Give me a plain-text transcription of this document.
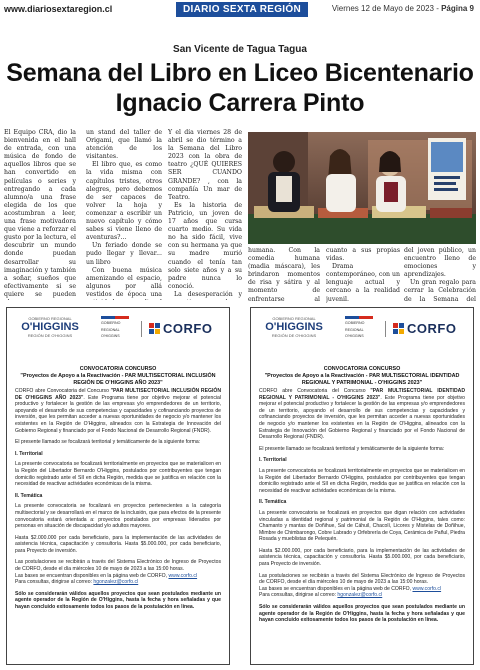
www.diariosextaregion.cl	DIARIO SEXTA REGIÓN	Viernes 12 de Mayo de 2023 - Página 9
San Vicente de Tagua Tagua
Semana del Libro en Liceo Bicentenario Ignacio Carrera Pinto

El Equipo CRA, dio la bienvenida en el hall de entrada, con una música de fondo de aquellos libros que se han convertido en películas o series y entregando a cada alumno/a una frase elegida de los que acostumbran a leer, una frase motivadora que viene a reforzar el gusto por la lectura, el descubrir un mundo donde puedan desarrollar su imaginación y también a soñar, sueños que efectivamente si se quiere se pueden

un stand del taller de Origami, que llamó la atención de los visitantes.

El libro que, es como la vida misma con capítulos tristes, otros alegres, pero debemos de ser capaces de volver la hoja y comenzar a escribir un nuevo capítulo y cómo sabes si viene lleno de aventuras?...

Un feriado donde se pudo llegar y llevar... un libro

Con buena música amenizando el espacio, algunos por allá vestidos de época una

Y el día viernes 28 de abril se dio término a la Semana del Libro 2023 con la obra de teatro ¿QUÉ QUIERES SER CUANDO GRANDE? , con la compañía Un mar de Teatro.

Es la historia de Patricio, un joven de 17 años que cursa cuarto medio. Su vida no ha sido fácil, vive con su hermana ya que su madre murió cuando el tenía tan solo siete años y a su padre nunca lo conoció.

La desesperación y

humana. Con la comedia humana (madia máscara), les brindaron momentos de risa y sátira y al momento de enfrentarse al

cuanto a sus propias vidas.

Drama contemporáneo, con un lenguaje actual y cercano a la realidad juvenil.

del joven público, un encuentro lleno de emociones y aprendizajes.

Un gran regalo para cerrar la Celebración de la Semana del

GOBIERNO REGIONAL
O'HIGGINS
REGIÓN DE O'HIGGINS
GOBIERNO
REGIONAL
O'HIGGINS	CORFO
CONVOCATORIA CONCURSO
"Proyectos de Apoyo a la Reactivación - PAR MULTISECTORIAL INCLUSIÓN REGIÓN DE O'HIGGINS AÑO 2023"
CORFO abre Convocatoria del Concurso "PAR MULTISECTORIAL INCLUSIÓN REGIÓN DE O'HIGGINS AÑO 2023". Este Programa tiene por objetivo mejorar el potencial productivo y fortalecer la gestión de las empresas y/o emprendedores de un territorio, apoyando el desarrollo de sus competencias y capacidades y cofinanciando proyectos de inversión, que les permitan acceder a nuevas oportunidades de negocio y/o mantener los existentes en la Región de O'Higgins, alineados con la Estrategia de Innovación del Gobierno Regional y financiado por el Fondo Nacional de Desarrollo Regional (FNDR).
El presente llamado se focalizará territorial y temáticamente de la siguiente forma:
I. Territorial
La presente convocatoria se focalizará territorialmente en proyectos que se materialicen en la Región del Libertador Bernardo O'Higgins, postulados por contribuyentes que tengan domicilio registrado ante el SII en dicha Región, medida que se justifica en relación con la necesidad de reactivar actividades económicas de la misma.
II. Temática
La presente convocatoria se focalizará en proyectos pertenecientes a la categoría multisectorial y se desarrollará en el marco de la inclusión, que para efectos de la presente convocatoria estará orientada a: proyectos postulados por empresas liderados por personas en situación de discapacidad y/o adultos mayores.
Hasta $2.000.000 por cada beneficiario, para la implementación de las actividades de asistencia técnica, capacitación y consultoría. Hasta $5.000.000, por cada beneficiario, para Proyecto de inversión.
Las postulaciones se recibirán a través del Sistema Electrónico de Ingreso de Proyectos de CORFO, desde el día miércoles 10 de mayo de 2023 a las 15:00 horas.
Las bases se encuentran disponibles en la página web de CORFO, www.corfo.cl
Para consultas, dirigirse al correo: hgonzalez@corfo.cl
Sólo se considerarán válidos aquellos proyectos que sean postulados mediante un agente operador de la Región de O'Higgins, hasta la fecha y hora señaladas y que hayan concluido exitosamente todos los pasos de la postulación en línea.
GOBIERNO REGIONAL
O'HIGGINS
REGIÓN DE O'HIGGINS
GOBIERNO
REGIONAL
O'HIGGINS	CORFO
CONVOCATORIA CONCURSO
"Proyectos de Apoyo a la Reactivación - PAR MULTISECTORIAL IDENTIDAD REGIONAL Y PATRIMONIAL - O'HIGGINS 2023"
CORFO abre Convocatoria del Concurso "PAR MULTISECTORIAL IDENTIDAD REGIONAL Y PATRIMONIAL - O'HIGGINS 2023". Este Programa tiene por objetivo mejorar el potencial productivo y fortalecer la gestión de las empresas y/o emprendedores de un territorio, apoyando el desarrollo de sus competencias y capacidades y cofinanciando proyectos de inversión, que les permitan acceder a nuevas oportunidades de negocio y/o mantener los existentes en la Región de O'Higgins, alineados con la Estrategia de Innovación del Gobierno Regional y financiado por el Fondo Nacional de Desarrollo Regional (FNDR).
El presente llamado se focalizará territorial y temáticamente de la siguiente forma:
I. Territorial
La presente convocatoria se focalizará territorialmente en proyectos que se materialicen en la Región del Libertador Bernardo O'Higgins, postulados por contribuyentes que tengan domicilio registrado ante el SII en dicha Región, medida que se justifica en relación con la necesidad de reactivar actividades económicas de la misma.
II. Temática
La presente convocatoria se focalizará en proyectos que digan relación con actividades vinculadas a identidad regional y patrimonial de la Región de O'Higgins, tales como: Chamanto y mantas de Doñihue, Sal de Cáhuil, Chacolí, Licores y Mistelas de Doñihue, Mimbre de Chimbarongo, Cobre Labrado y Orfebrería de Coya, Cerámica de Pañul, Piedra Rosada y mueblistas de Pelequén.
Hasta $2.000.000, por cada beneficiario, para la implementación de las actividades de asistencia técnica, capacitación y consultoría. Hasta $5.000.000, por cada beneficiario, para Proyecto de inversión.
Las postulaciones se recibirán a través del Sistema Electrónico de Ingreso de Proyectos de CORFO, desde el día miércoles 10 de mayo de 2023 a las 15:00 horas.
Las bases se encuentran disponibles en la página web de CORFO, www.corfo.cl
Para consultas, dirigirse al correo: hgonzalez@corfo.cl
Sólo se considerarán válidos aquellos proyectos que sean postulados mediante un agente operador de la Región de O'Higgins, hasta la fecha y hora señaladas y que hayan concluido exitosamente todos los pasos de la postulación en línea.
